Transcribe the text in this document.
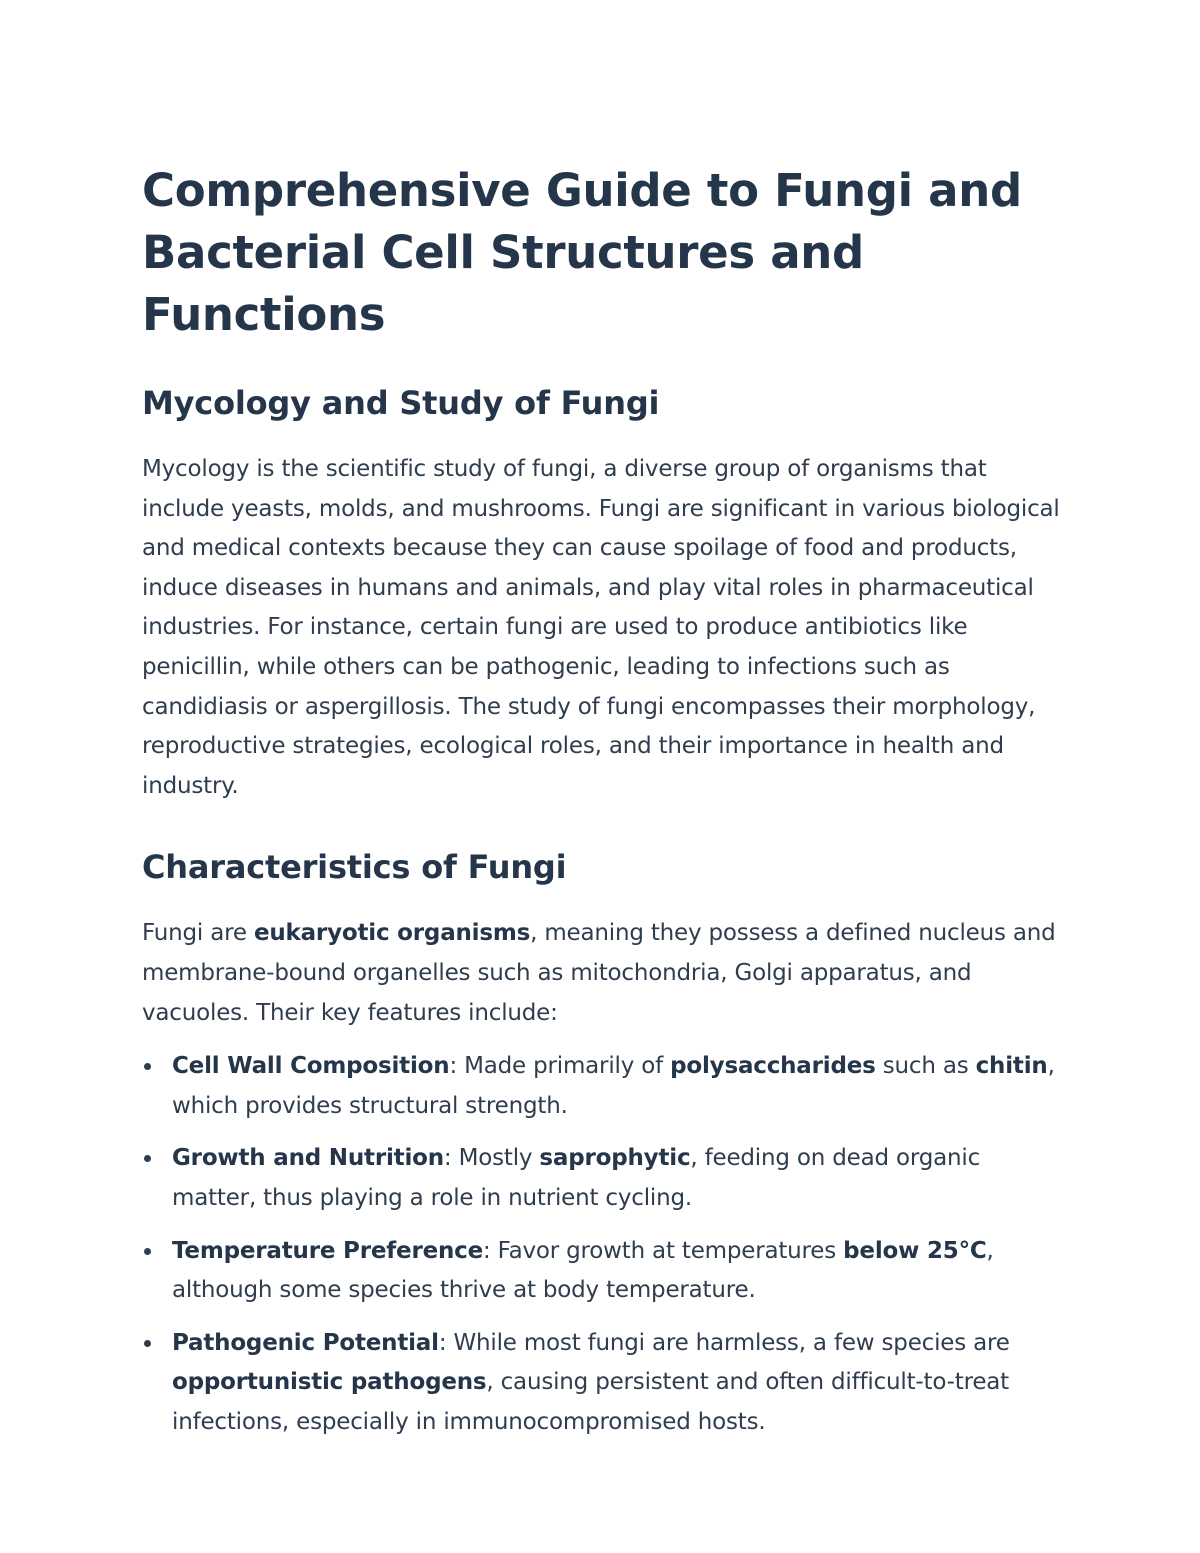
Comprehensive Guide to Fungi and Bacterial Cell Structures and Functions
Mycology and Study of Fungi

Mycology is the scientific study of fungi, a diverse group of organisms that include yeasts, molds, and mushrooms. Fungi are significant in various biological and medical contexts because they can cause spoilage of food and products, induce diseases in humans and animals, and play vital roles in pharmaceutical industries. For instance, certain fungi are used to produce antibiotics like penicillin, while others can be pathogenic, leading to infections such as candidiasis or aspergillosis. The study of fungi encompasses their morphology, reproductive strategies, ecological roles, and their importance in health and industry.

Characteristics of Fungi

Fungi are eukaryotic organisms, meaning they possess a defined nucleus and membrane-bound organelles such as mitochondria, Golgi apparatus, and vacuoles. Their key features include:

Cell Wall Composition: Made primarily of polysaccharides such as chitin, which provides structural strength.
Growth and Nutrition: Mostly saprophytic, feeding on dead organic matter, thus playing a role in nutrient cycling.
Temperature Preference: Favor growth at temperatures below 25°C, although some species thrive at body temperature.
Pathogenic Potential: While most fungi are harmless, a few species are opportunistic pathogens, causing persistent and often difficult-to-treat infections, especially in immunocompromised hosts.
